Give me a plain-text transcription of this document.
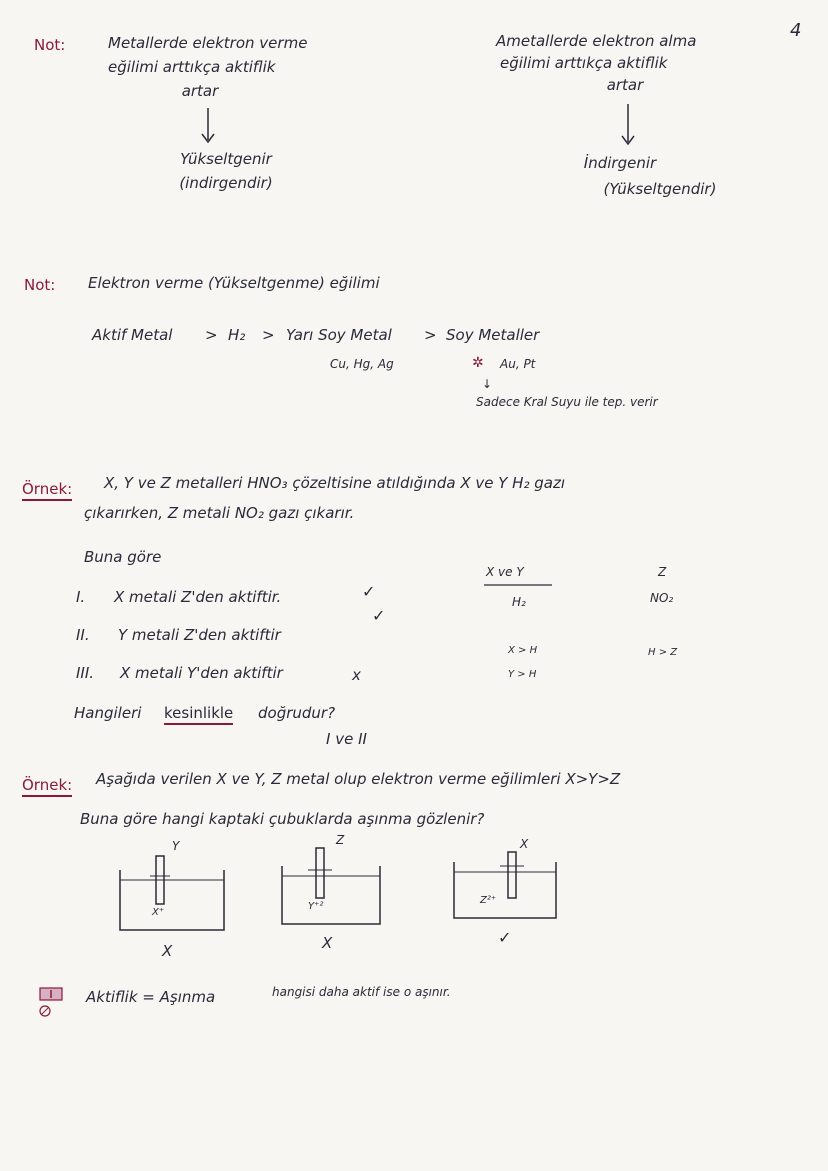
4
Not:	Metallerde elektron verme
eğilimi arttıkça aktiflik
artar
Yükseltgenir
(indirgendir)
Ametallerde elektron alma
eğilimi arttıkça aktiflik
artar
İndirgenir
(Yükseltgendir)
Not: Elektron verme (Yükseltgenme) eğilimi
Aktif Metal > H₂ > Yarı Soy Metal > Soy Metaller
Cu, Hg, Ag	✲ Au, Pt
↓
Sadece Kral Suyu ile tep. verir
Örnek: X, Y ve Z metalleri HNO₃ çözeltisine atıldığında X ve Y H₂ gazı
çıkarırken, Z metali NO₂ gazı çıkarır.
Buna göre
I. X metali Z'den aktiftir.	✓
II. Y metali Z'den aktiftir
✓
III. X metali Y'den aktiftir	x
Hangileri kesinlikle doğrudur?
I ve II
X ve Y
H₂
X > H
Y > H
Z
NO₂
H > Z
Örnek: Aşağıda verilen X ve Y, Z metal olup elektron verme eğilimleri X>Y>Z
Buna göre hangi kaptaki çubuklarda aşınma gözlenir?
Y
X⁺
X
Z
Y⁺²
X
X
Z²⁺
✓
Aktiflik = Aşınma	hangisi daha aktif ise o aşınır.
